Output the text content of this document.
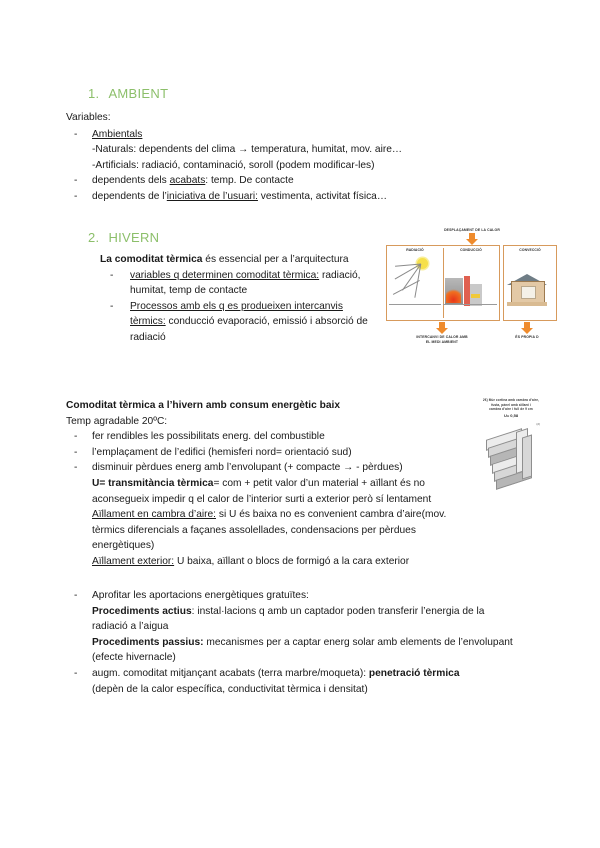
1. AMBIENT
Variables:
- Ambientals
-Naturals: dependents del clima → temperatura, humitat, mov. aire…
-Artificials: radiació, contaminació, soroll (podem modificar-les)
- dependents dels acabats: temp. De contacte
- dependents de l’iniciativa de l’usuari: vestimenta, activitat física…
2. HIVERN
La comoditat tèrmica és essencial per a l’arquitectura
- variables q determinen comoditat tèrmica: radiació, humitat, temp de contacte
- Processos amb els q es produeixen intercanvis tèrmics: conducció evaporació, emissió i absorció de radiació
DESPLAÇAMENT DE LA CALOR
RADIACIÓ	CONDUCCIÓ	CONVECCIÓ
INTERCANVI DE CALOR AMB
EL MEDI AMBIENT
ÉS PROPIA D
Comoditat tèrmica a l’hivern amb consum energètic baix
Temp agradable 20ºC:
- fer rendibles les possibilitats energ. del combustible
- l’emplaçament de l’edifici (hemisferi nord= orientació sud)
- disminuir pèrdues energ amb l’envolupant (+ compacte → - pèrdues)
U= transmitància tèrmica= com + petit valor d’un material + aïllant és no aconsegueix impedir q el calor de l’interior surti a exterior però sí lentament
Aïllament en cambra d’aire: si U és baixa no es convenient cambra d’aire(mov. tèrmics diferencials a façanes assolellades, condensacions per pèrdues energètiques)
Aïllament exterior: U baixa, aïllant o blocs de formigó a la cara exterior
2€) Múr cortina amb cambra d’aire,
fusta, pànel amb aïllant i
cambra d’aire i full de 9 cm
U= 0,58
(2)
- Aprofitar les aportacions energètiques gratuïtes:
Procediments actius: instal·lacions q amb un captador poden transferir l’energia de la radiació a l’aigua
Procediments passius: mecanismes per a captar energ solar amb elements de l’envolupant (efecte hivernacle)
- augm. comoditat mitjançant acabats (terra marbre/moqueta): penetració tèrmica
(depèn de la calor específica, conductivitat tèrmica i densitat)
